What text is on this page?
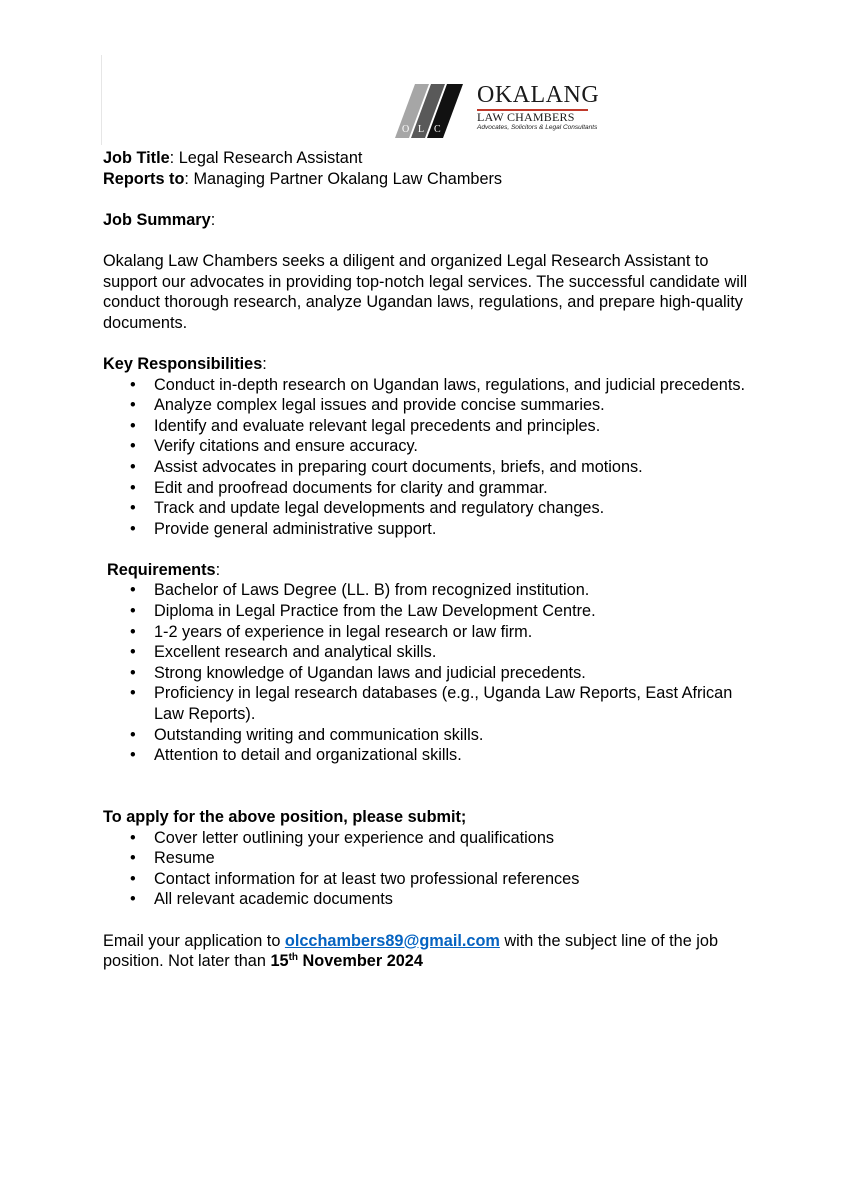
O L C
OKALANG
LAW CHAMBERS
Advocates, Solicitors & Legal Consultants

Job Title: Legal Research Assistant

Reports to: Managing Partner Okalang Law Chambers

Job Summary:

Okalang Law Chambers seeks a diligent and organized Legal Research Assistant to support our advocates in providing top-notch legal services. The successful candidate will conduct thorough research, analyze Ugandan laws, regulations, and prepare high-quality documents.

Key Responsibilities:

• Conduct in-depth research on Ugandan laws, regulations, and judicial precedents.
• Analyze complex legal issues and provide concise summaries.
• Identify and evaluate relevant legal precedents and principles.
• Verify citations and ensure accuracy.
• Assist advocates in preparing court documents, briefs, and motions.
• Edit and proofread documents for clarity and grammar.
• Track and update legal developments and regulatory changes.
• Provide general administrative support.

Requirements:

• Bachelor of Laws Degree (LL. B) from recognized institution.
• Diploma in Legal Practice from the Law Development Centre.
• 1-2 years of experience in legal research or law firm.
• Excellent research and analytical skills.
• Strong knowledge of Ugandan laws and judicial precedents.
• Proficiency in legal research databases (e.g., Uganda Law Reports, East African Law Reports).
• Outstanding writing and communication skills.
• Attention to detail and organizational skills.

To apply for the above position, please submit;

• Cover letter outlining your experience and qualifications
• Resume
• Contact information for at least two professional references
• All relevant academic documents

Email your application to olcchambers89@gmail.com with the subject line of the job position. Not later than 15th November 2024
